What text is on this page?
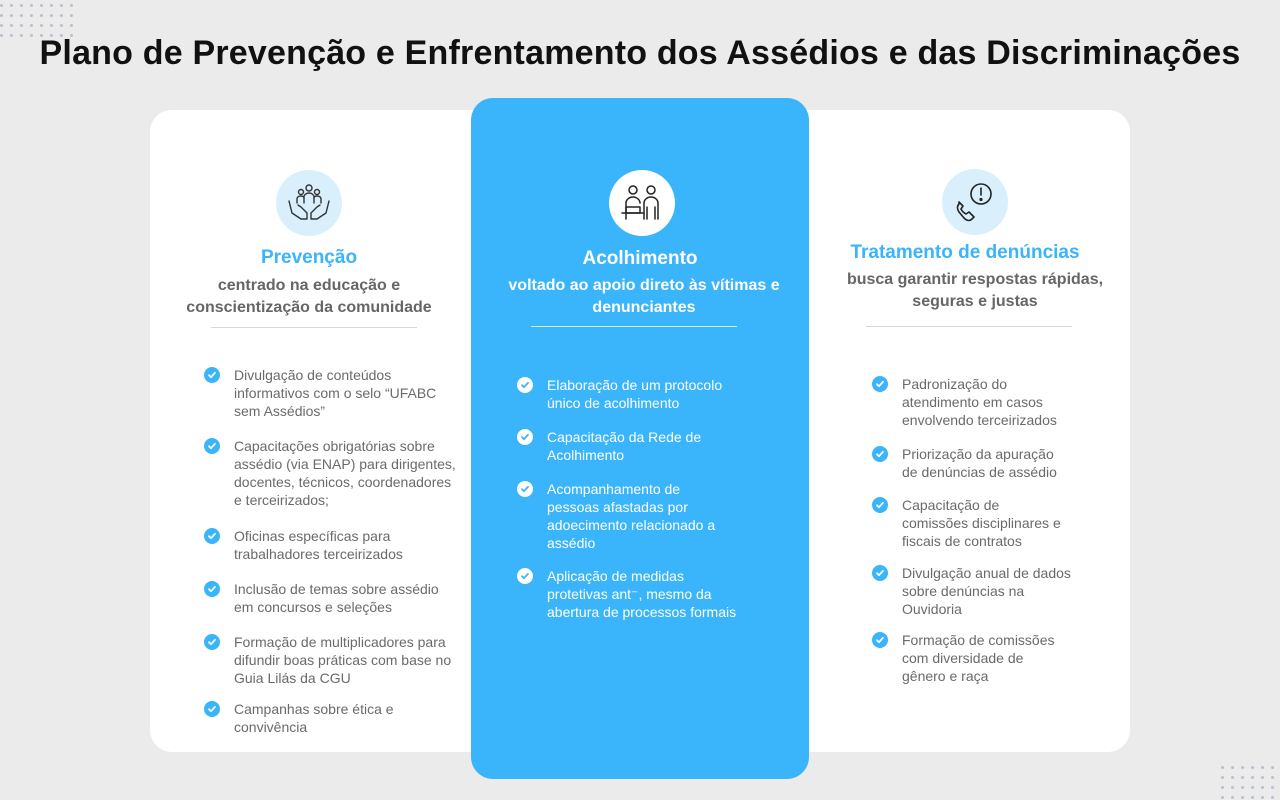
Plano de Prevenção e Enfrentamento dos Assédios e das Discriminações
Prevenção
centrado na educação e
conscientização da comunidade
Divulgação de conteúdos
informativos com o selo “UFABC
sem Assédios”
Capacitações obrigatórias sobre
assédio (via ENAP) para dirigentes,
docentes, técnicos, coordenadores
e terceirizados;
Oficinas específicas para
trabalhadores terceirizados
Inclusão de temas sobre assédio
em concursos e seleções
Formação de multiplicadores para
difundir boas práticas com base no
Guia Lilás da CGU
Campanhas sobre ética e
convivência
Acolhimento
voltado ao apoio direto às vítimas e
denunciantes
Elaboração de um protocolo
único de acolhimento
Capacitação da Rede de
Acolhimento
Acompanhamento de
pessoas afastadas por
adoecimento relacionado a
assédio
Aplicação de medidas
protetivas ant⁻, mesmo da
abertura de processos formais
Tratamento de denúncias
busca garantir respostas rápidas,
seguras e justas
Padronização do
atendimento em casos
envolvendo terceirizados
Priorização da apuração
de denúncias de assédio
Capacitação de
comissões disciplinares e
fiscais de contratos
Divulgação anual de dados
sobre denúncias na
Ouvidoria
Formação de comissões
com diversidade de
gênero e raça
